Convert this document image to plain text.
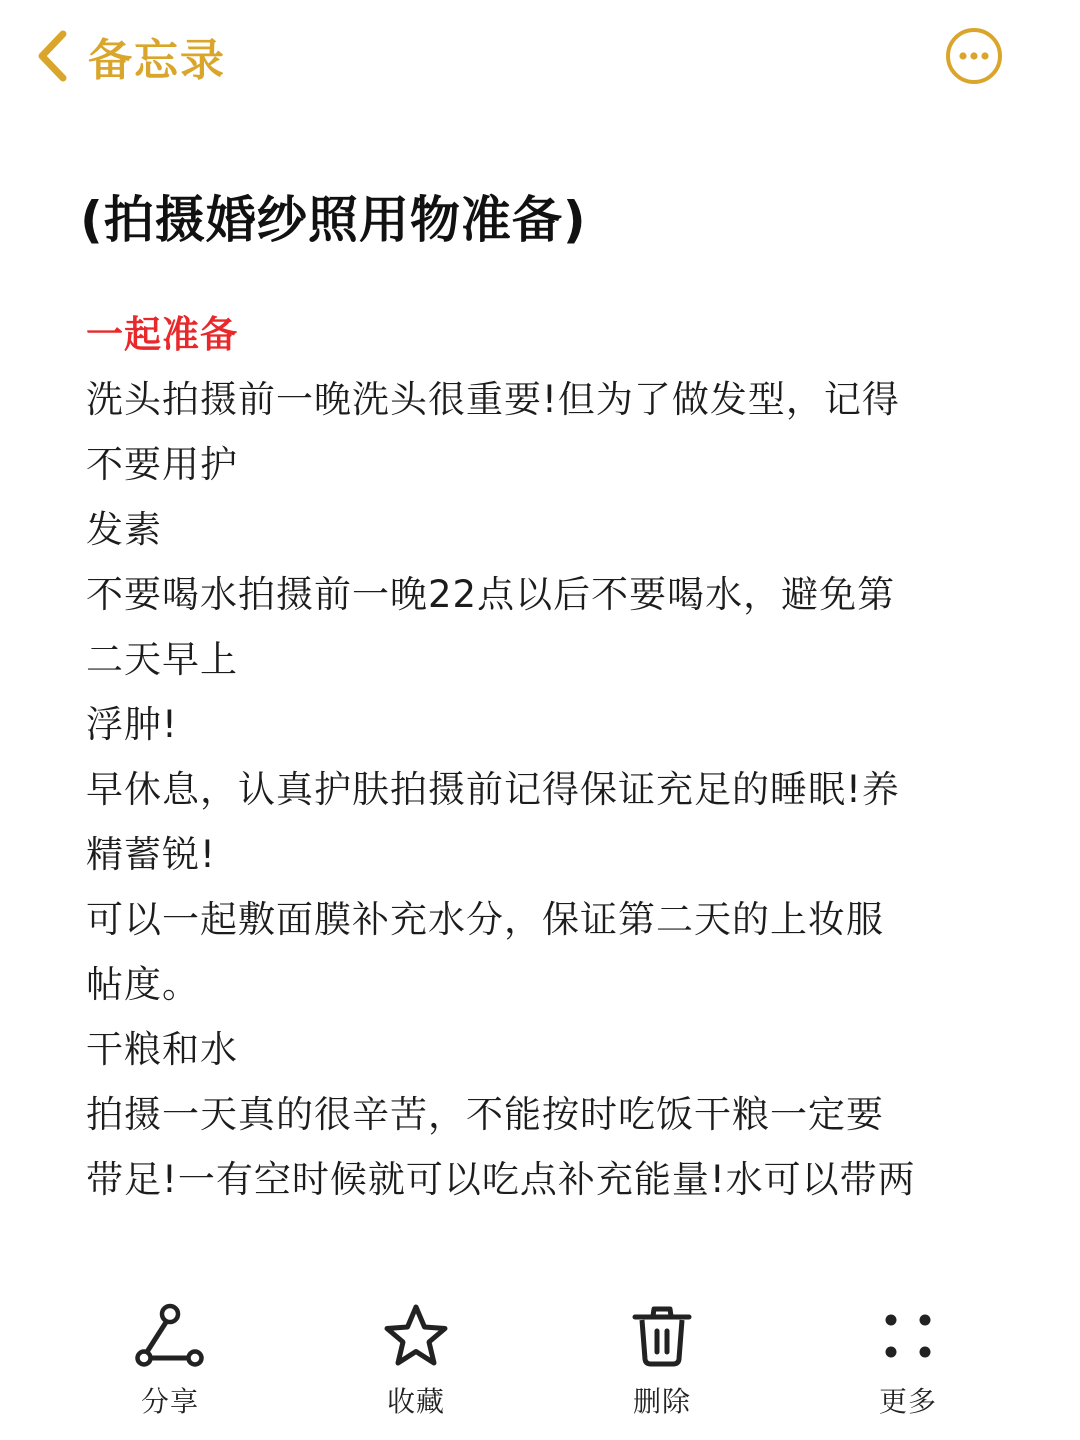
备忘录
(拍摄婚纱照用物准备)
一起准备
洗头拍摄前一晚洗头很重要!但为了做发型，记得
不要用护
发素
不要喝水拍摄前一晚22点以后不要喝水，避免第
二天早上
浮肿!
早休息，认真护肤拍摄前记得保证充足的睡眠!养
精蓄锐!
可以一起敷面膜补充水分，保证第二天的上妆服
帖度。
干粮和水
拍摄一天真的很辛苦，不能按时吃饭干粮一定要
带足!一有空时候就可以吃点补充能量!水可以带两
分享	收藏	删除	更多
